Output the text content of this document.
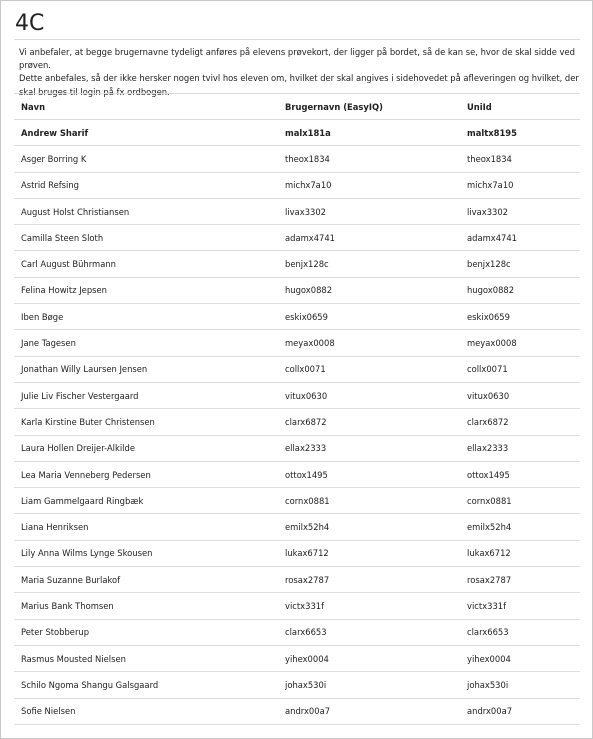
4C

Vi anbefaler, at begge brugernavne tydeligt anføres på elevens prøvekort, der ligger på bordet, så de kan se, hvor de skal sidde ved prøven.

Dette anbefales, så der ikke hersker nogen tvivl hos eleven om, hvilket der skal angives i sidehovedet på afleveringen og hvilket, der skal bruges til login på fx ordbogen.

Navn	Brugernavn (EasyIQ)	UniId
Andrew Sharif	malx181a	maltx8195
Asger Borring K	theox1834	theox1834
Astrid Refsing	michx7a10	michx7a10
August Holst Christiansen	livax3302	livax3302
Camilla Steen Sloth	adamx4741	adamx4741
Carl August Bührmann	benjx128c	benjx128c
Felina Howitz Jepsen	hugox0882	hugox0882
Iben Bøge	eskix0659	eskix0659
Jane Tagesen	meyax0008	meyax0008
Jonathan Willy Laursen Jensen	collx0071	collx0071
Julie Liv Fischer Vestergaard	vitux0630	vitux0630
Karla Kirstine Buter Christensen	clarx6872	clarx6872
Laura Hollen Dreijer-Alkilde	ellax2333	ellax2333
Lea Maria Venneberg Pedersen	ottox1495	ottox1495
Liam Gammelgaard Ringbæk	cornx0881	cornx0881
Liana Henriksen	emilx52h4	emilx52h4
Lily Anna Wilms Lynge Skousen	lukax6712	lukax6712
Maria Suzanne Burlakof	rosax2787	rosax2787
Marius Bank Thomsen	victx331f	victx331f
Peter Stobberup	clarx6653	clarx6653
Rasmus Mousted Nielsen	yihex0004	yihex0004
Schilo Ngoma Shangu Galsgaard	johax530i	johax530i
Sofie Nielsen	andrx00a7	andrx00a7
